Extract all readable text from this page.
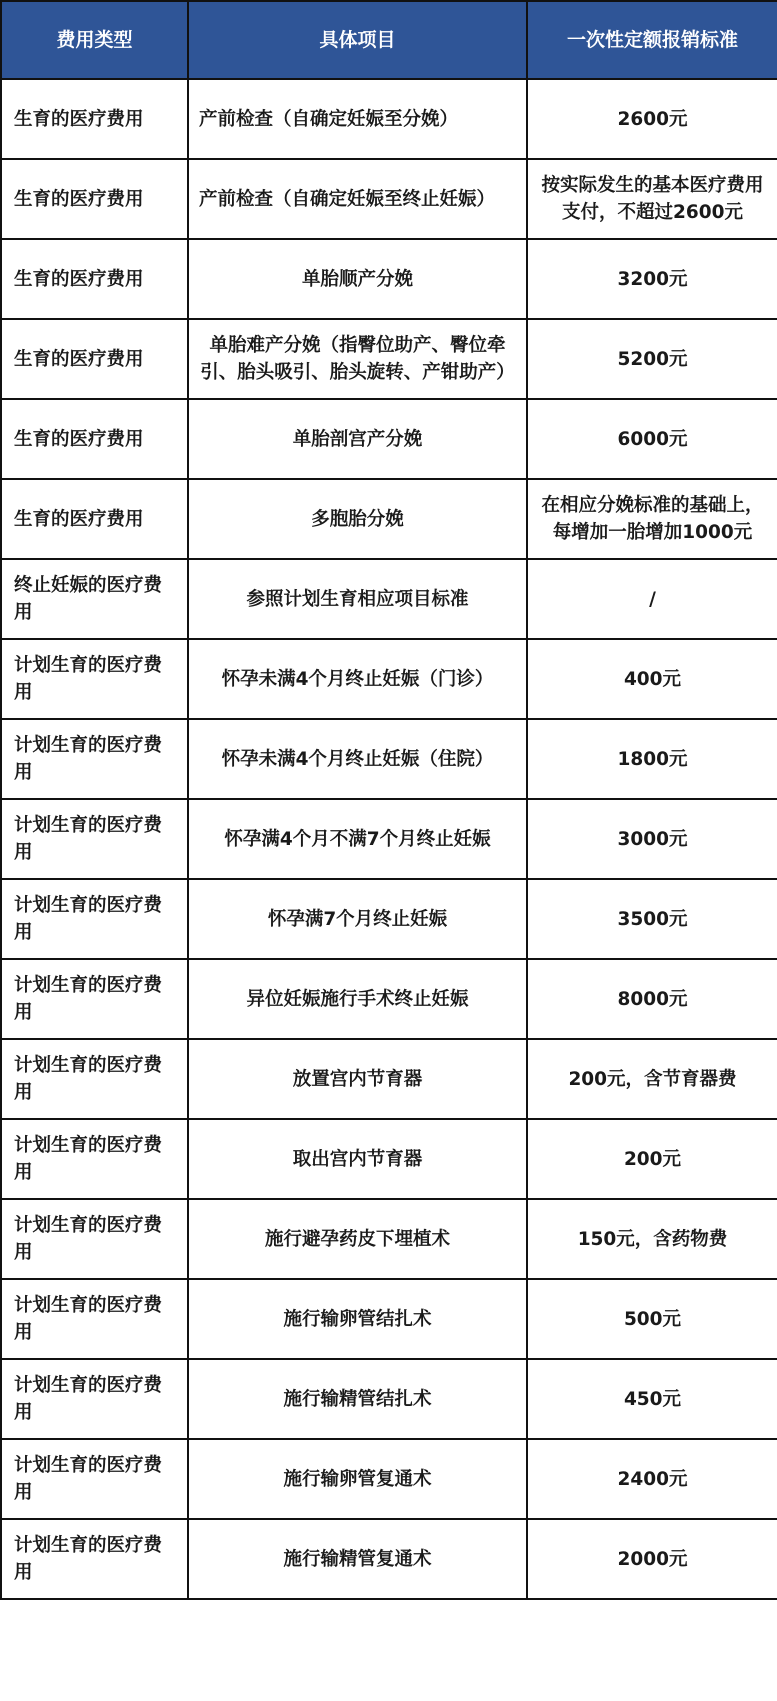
费用类型	具体项目	一次性定额报销标准
生育的医疗费用	产前检查（自确定妊娠至分娩）	2600元
生育的医疗费用	产前检查（自确定妊娠至终止妊娠）	按实际发生的基本医疗费用支付，不超过2600元
生育的医疗费用	单胎顺产分娩	3200元
生育的医疗费用	单胎难产分娩（指臀位助产、臀位牵引、胎头吸引、胎头旋转、产钳助产）	5200元
生育的医疗费用	单胎剖宫产分娩	6000元
生育的医疗费用	多胞胎分娩	在相应分娩标准的基础上，每增加一胎增加1000元
终止妊娠的医疗费用	参照计划生育相应项目标准	/
计划生育的医疗费用	怀孕未满4个月终止妊娠（门诊）	400元
计划生育的医疗费用	怀孕未满4个月终止妊娠（住院）	1800元
计划生育的医疗费用	怀孕满4个月不满7个月终止妊娠	3000元
计划生育的医疗费用	怀孕满7个月终止妊娠	3500元
计划生育的医疗费用	异位妊娠施行手术终止妊娠	8000元
计划生育的医疗费用	放置宫内节育器	200元，含节育器费
计划生育的医疗费用	取出宫内节育器	200元
计划生育的医疗费用	施行避孕药皮下埋植术	150元，含药物费
计划生育的医疗费用	施行输卵管结扎术	500元
计划生育的医疗费用	施行输精管结扎术	450元
计划生育的医疗费用	施行输卵管复通术	2400元
计划生育的医疗费用	施行输精管复通术	2000元
